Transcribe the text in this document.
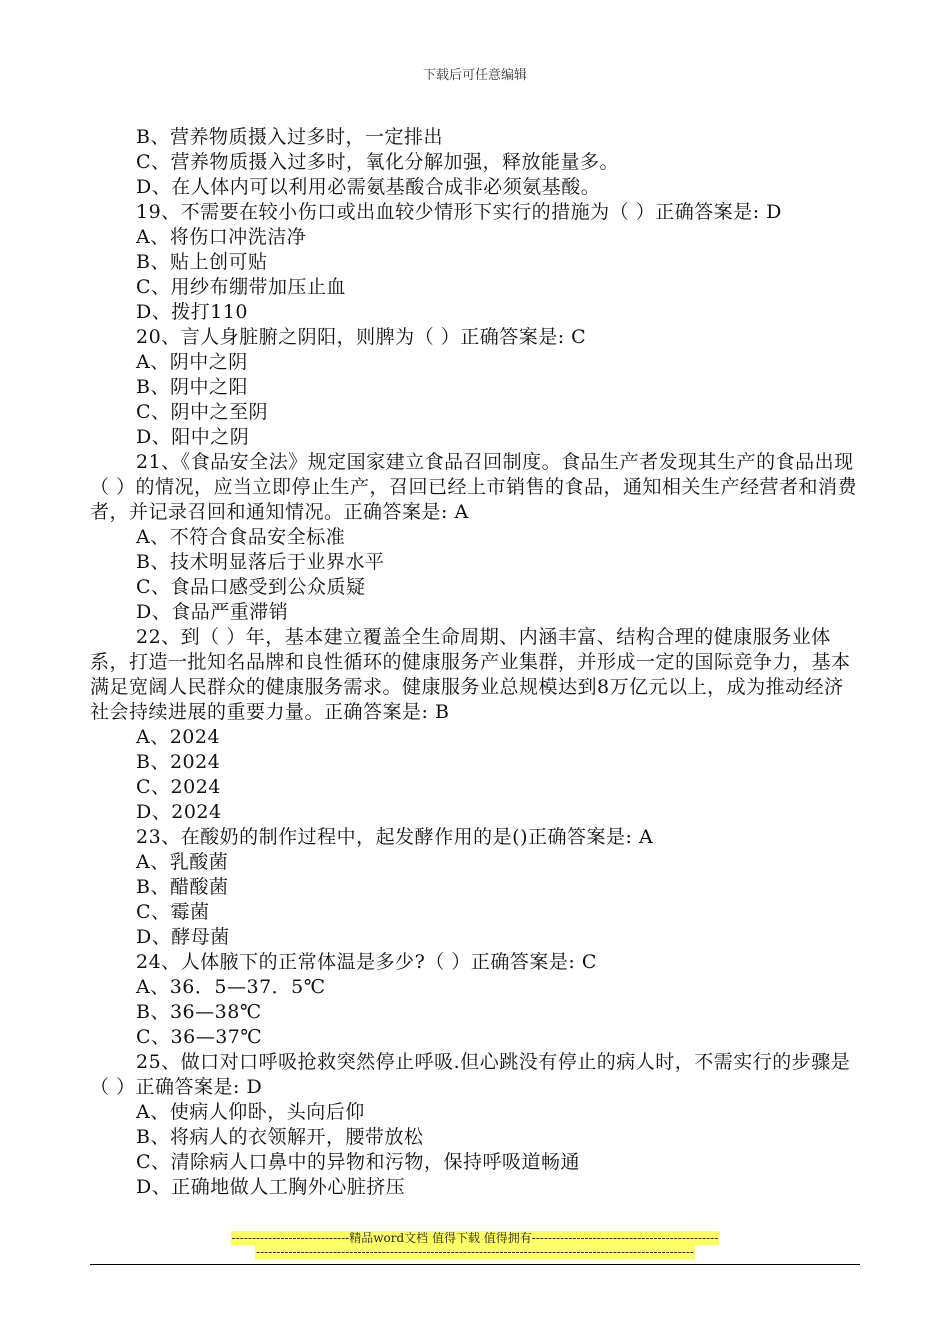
下载后可任意编辑

B、营养物质摄入过多时，一定排出

C、营养物质摄入过多时，氧化分解加强，释放能量多。

D、在人体内可以利用必需氨基酸合成非必须氨基酸。

19、不需要在较小伤口或出血较少情形下实行的措施为（ ）正确答案是: D

A、将伤口冲洗洁净

B、贴上创可贴

C、用纱布绷带加压止血

D、拨打110

20、言人身脏腑之阴阳，则脾为（ ）正确答案是: C

A、阴中之阴

B、阴中之阳

C、阴中之至阴

D、阳中之阴

21、《食品安全法》规定国家建立食品召回制度。食品生产者发现其生产的食品出现（ ）的情况，应当立即停止生产，召回已经上市销售的食品，通知相关生产经营者和消费者，并记录召回和通知情况。正确答案是: A

A、不符合食品安全标准

B、技术明显落后于业界水平

C、食品口感受到公众质疑

D、食品严重滞销

22、到（ ）年，基本建立覆盖全生命周期、内涵丰富、结构合理的健康服务业体系，打造一批知名品牌和良性循环的健康服务产业集群，并形成一定的国际竞争力，基本满足宽阔人民群众的健康服务需求。健康服务业总规模达到8万亿元以上，成为推动经济社会持续进展的重要力量。正确答案是: B

A、2024

B、2024

C、2024

D、2024

23、在酸奶的制作过程中，起发酵作用的是()正确答案是: A

A、乳酸菌

B、醋酸菌

C、霉菌

D、酵母菌

24、人体腋下的正常体温是多少?（ ）正确答案是: C

A、36．5—37．5℃

B、36—38℃

C、36—37℃

25、做口对口呼吸抢救突然停止呼吸.但心跳没有停止的病人时，不需实行的步骤是（ ）正确答案是: D

A、使病人仰卧，头向后仰

B、将病人的衣领解开，腰带放松

C、清除病人口鼻中的异物和污物，保持呼吸道畅通

D、正确地做人工胸外心脏挤压

-----------------------------精品word文档 值得下载 值得拥有----------------------------------------------
------------------------------------------------------------------------------------------------------------
